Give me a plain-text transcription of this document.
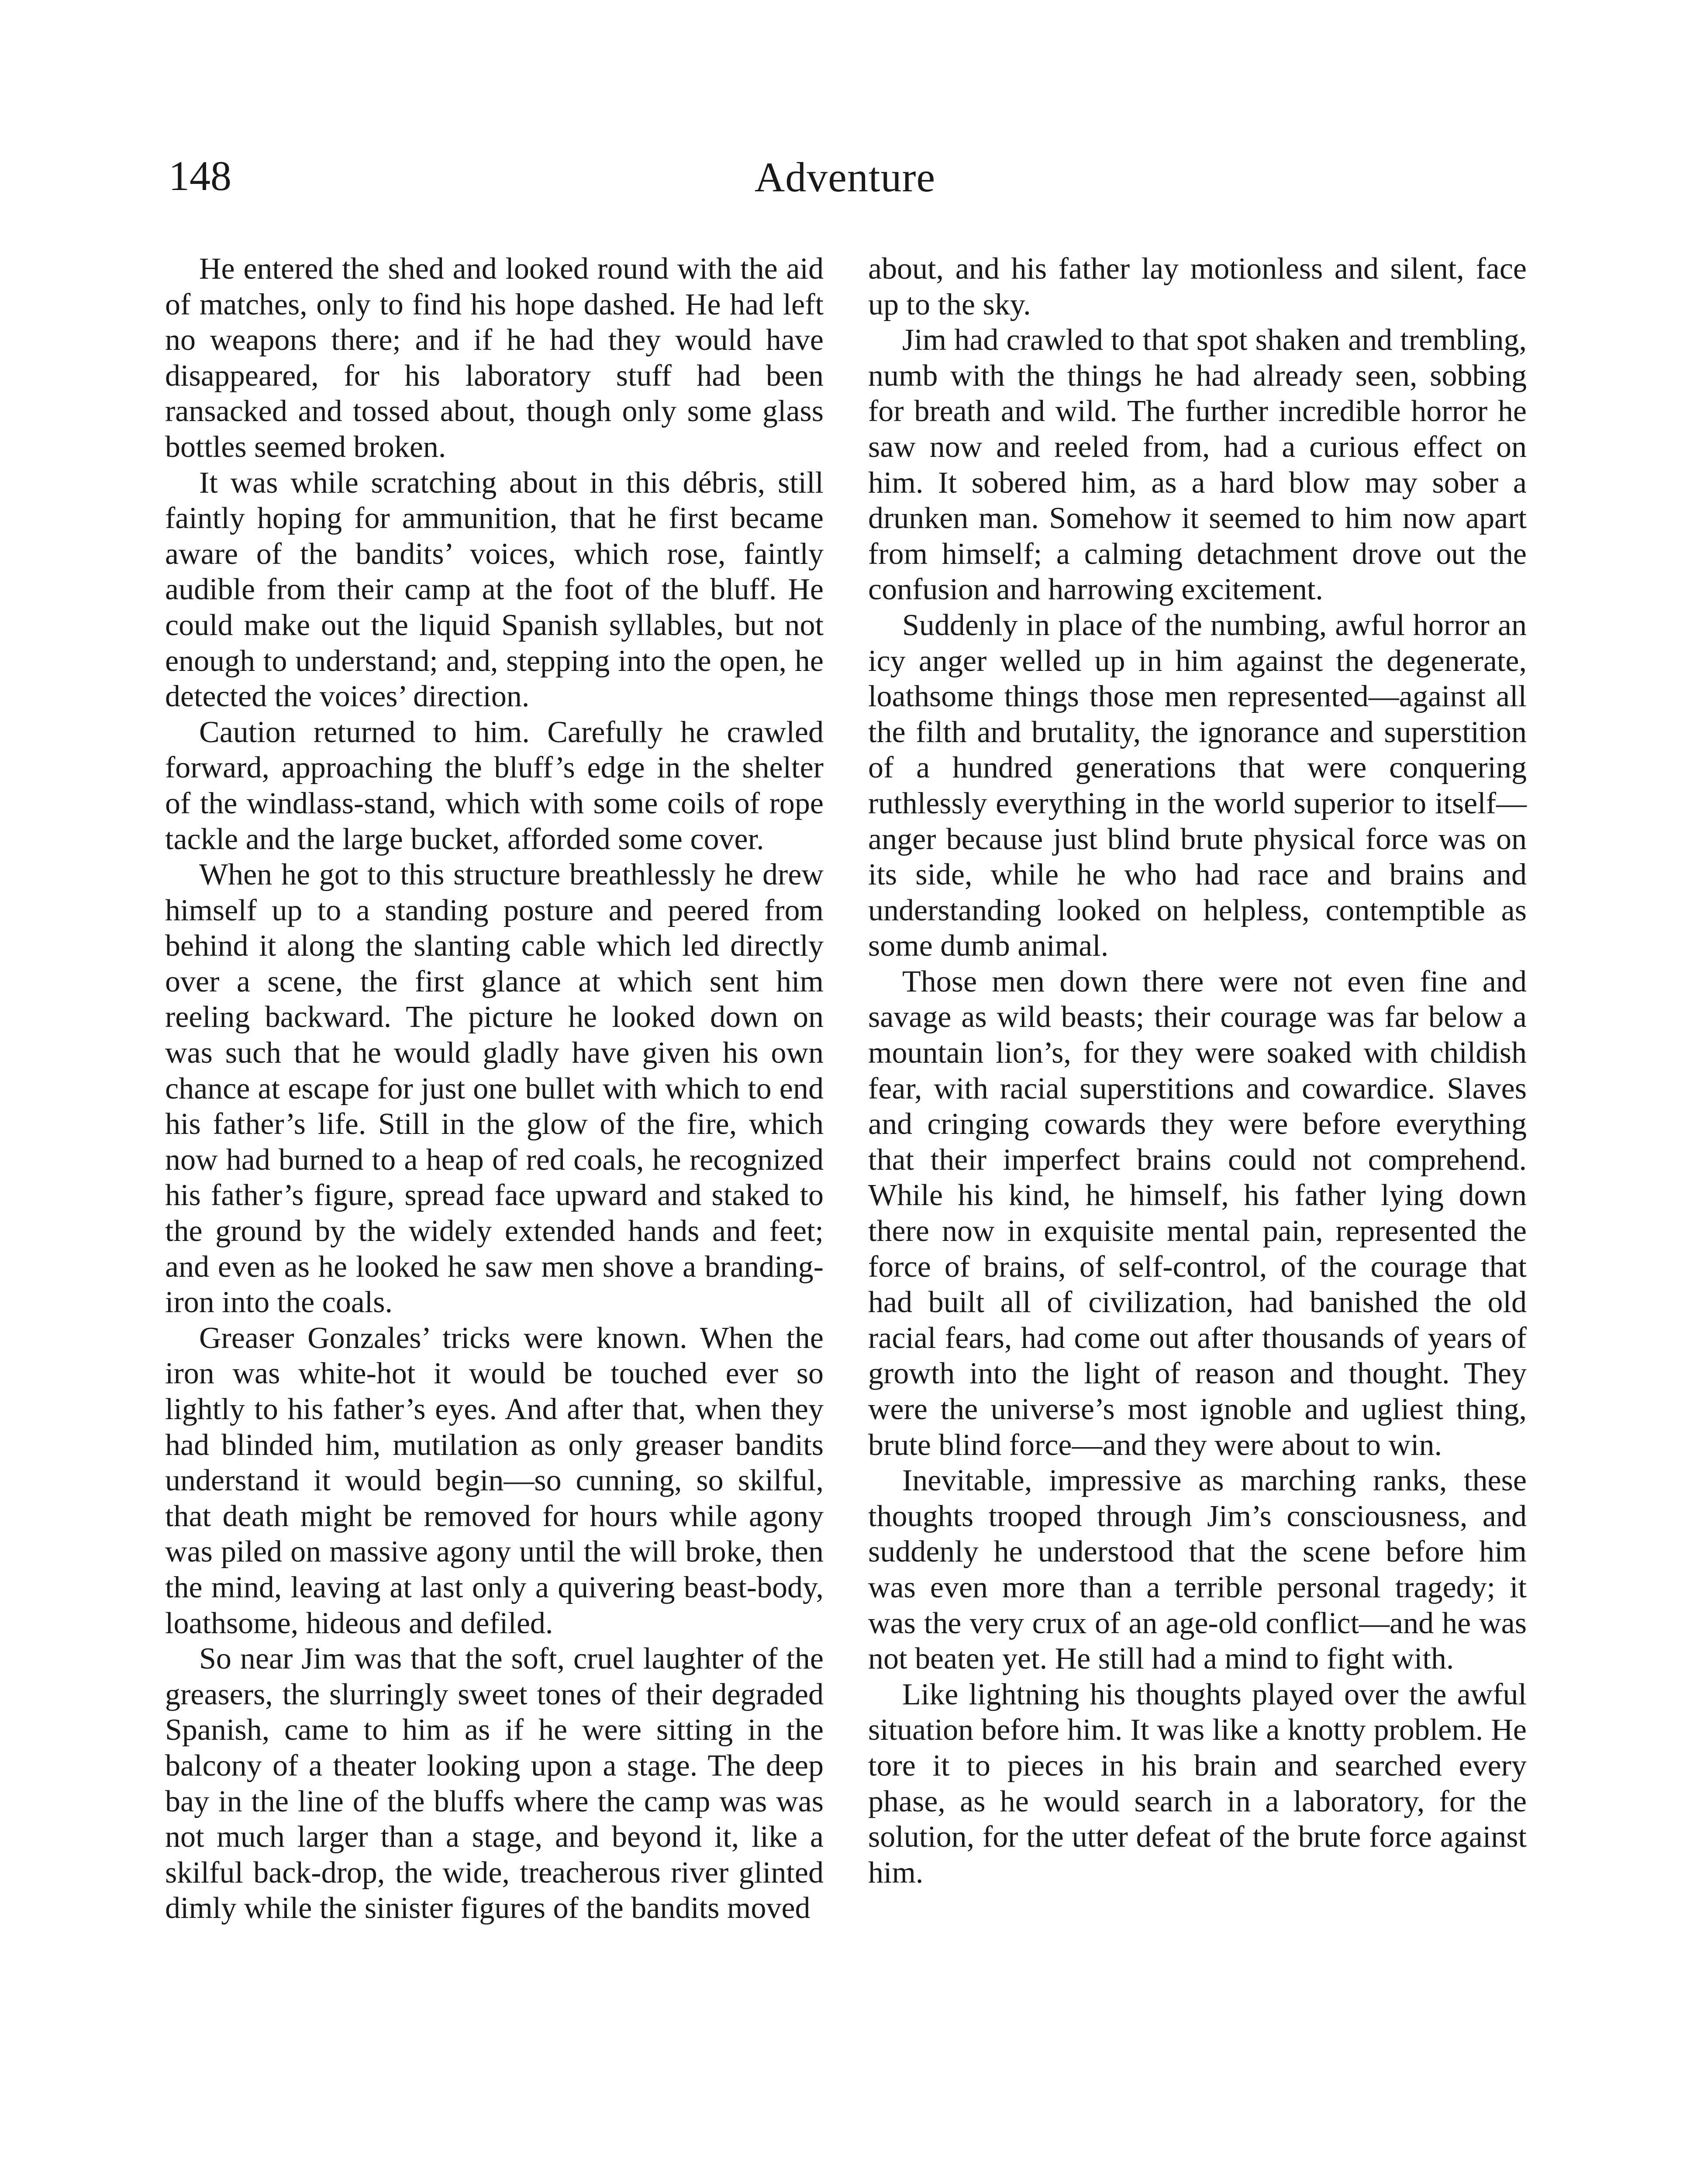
148	Adventure

He entered the shed and looked round with the aid of matches, only to find his hope dashed. He had left no weapons there; and if he had they would have disappeared, for his laboratory stuff had been ransacked and tossed about, though only some glass bottles seemed broken.

It was while scratching about in this débris, still faintly hoping for ammunition, that he first became aware of the bandits’ voices, which rose, faintly audible from their camp at the foot of the bluff. He could make out the liquid Spanish syllables, but not enough to understand; and, stepping into the open, he detected the voices’ direction.

Caution returned to him. Carefully he crawled forward, approaching the bluff’s edge in the shelter of the windlass-stand, which with some coils of rope tackle and the large bucket, afforded some cover.

When he got to this structure breathlessly he drew himself up to a standing posture and peered from behind it along the slanting cable which led directly over a scene, the first glance at which sent him reeling backward. The picture he looked down on was such that he would gladly have given his own chance at escape for just one bullet with which to end his father’s life. Still in the glow of the fire, which now had burned to a heap of red coals, he recognized his father’s figure, spread face upward and staked to the ground by the widely extended hands and feet; and even as he looked he saw men shove a branding-iron into the coals.

Greaser Gonzales’ tricks were known. When the iron was white-hot it would be touched ever so lightly to his father’s eyes. And after that, when they had blinded him, mutilation as only greaser bandits understand it would begin—so cunning, so skilful, that death might be removed for hours while agony was piled on massive agony until the will broke, then the mind, leaving at last only a quivering beast-body, loathsome, hideous and defiled.

So near Jim was that the soft, cruel laughter of the greasers, the slurringly sweet tones of their degraded Spanish, came to him as if he were sitting in the balcony of a theater looking upon a stage. The deep bay in the line of the bluffs where the camp was was not much larger than a stage, and beyond it, like a skilful back-drop, the wide, treacherous river glinted dimly while the sinister figures of the bandits moved

about, and his father lay motionless and silent, face up to the sky.

Jim had crawled to that spot shaken and trembling, numb with the things he had already seen, sobbing for breath and wild. The further incredible horror he saw now and reeled from, had a curious effect on him. It sobered him, as a hard blow may sober a drunken man. Somehow it seemed to him now apart from himself; a calming detachment drove out the confusion and harrowing excitement.

Suddenly in place of the numbing, awful horror an icy anger welled up in him against the degenerate, loathsome things those men represented—against all the filth and brutality, the ignorance and superstition of a hundred generations that were conquering ruthlessly everything in the world superior to itself—anger because just blind brute physical force was on its side, while he who had race and brains and understanding looked on helpless, contemptible as some dumb animal.

Those men down there were not even fine and savage as wild beasts; their courage was far below a mountain lion’s, for they were soaked with childish fear, with racial superstitions and cowardice. Slaves and cringing cowards they were before everything that their imperfect brains could not comprehend. While his kind, he himself, his father lying down there now in exquisite mental pain, represented the force of brains, of self-control, of the courage that had built all of civilization, had banished the old racial fears, had come out after thousands of years of growth into the light of reason and thought. They were the universe’s most ignoble and ugliest thing, brute blind force—and they were about to win.

Inevitable, impressive as marching ranks, these thoughts trooped through Jim’s consciousness, and suddenly he understood that the scene before him was even more than a terrible personal tragedy; it was the very crux of an age-old conflict—and he was not beaten yet. He still had a mind to fight with.

Like lightning his thoughts played over the awful situation before him. It was like a knotty problem. He tore it to pieces in his brain and searched every phase, as he would search in a laboratory, for the solution, for the utter defeat of the brute force against him.
